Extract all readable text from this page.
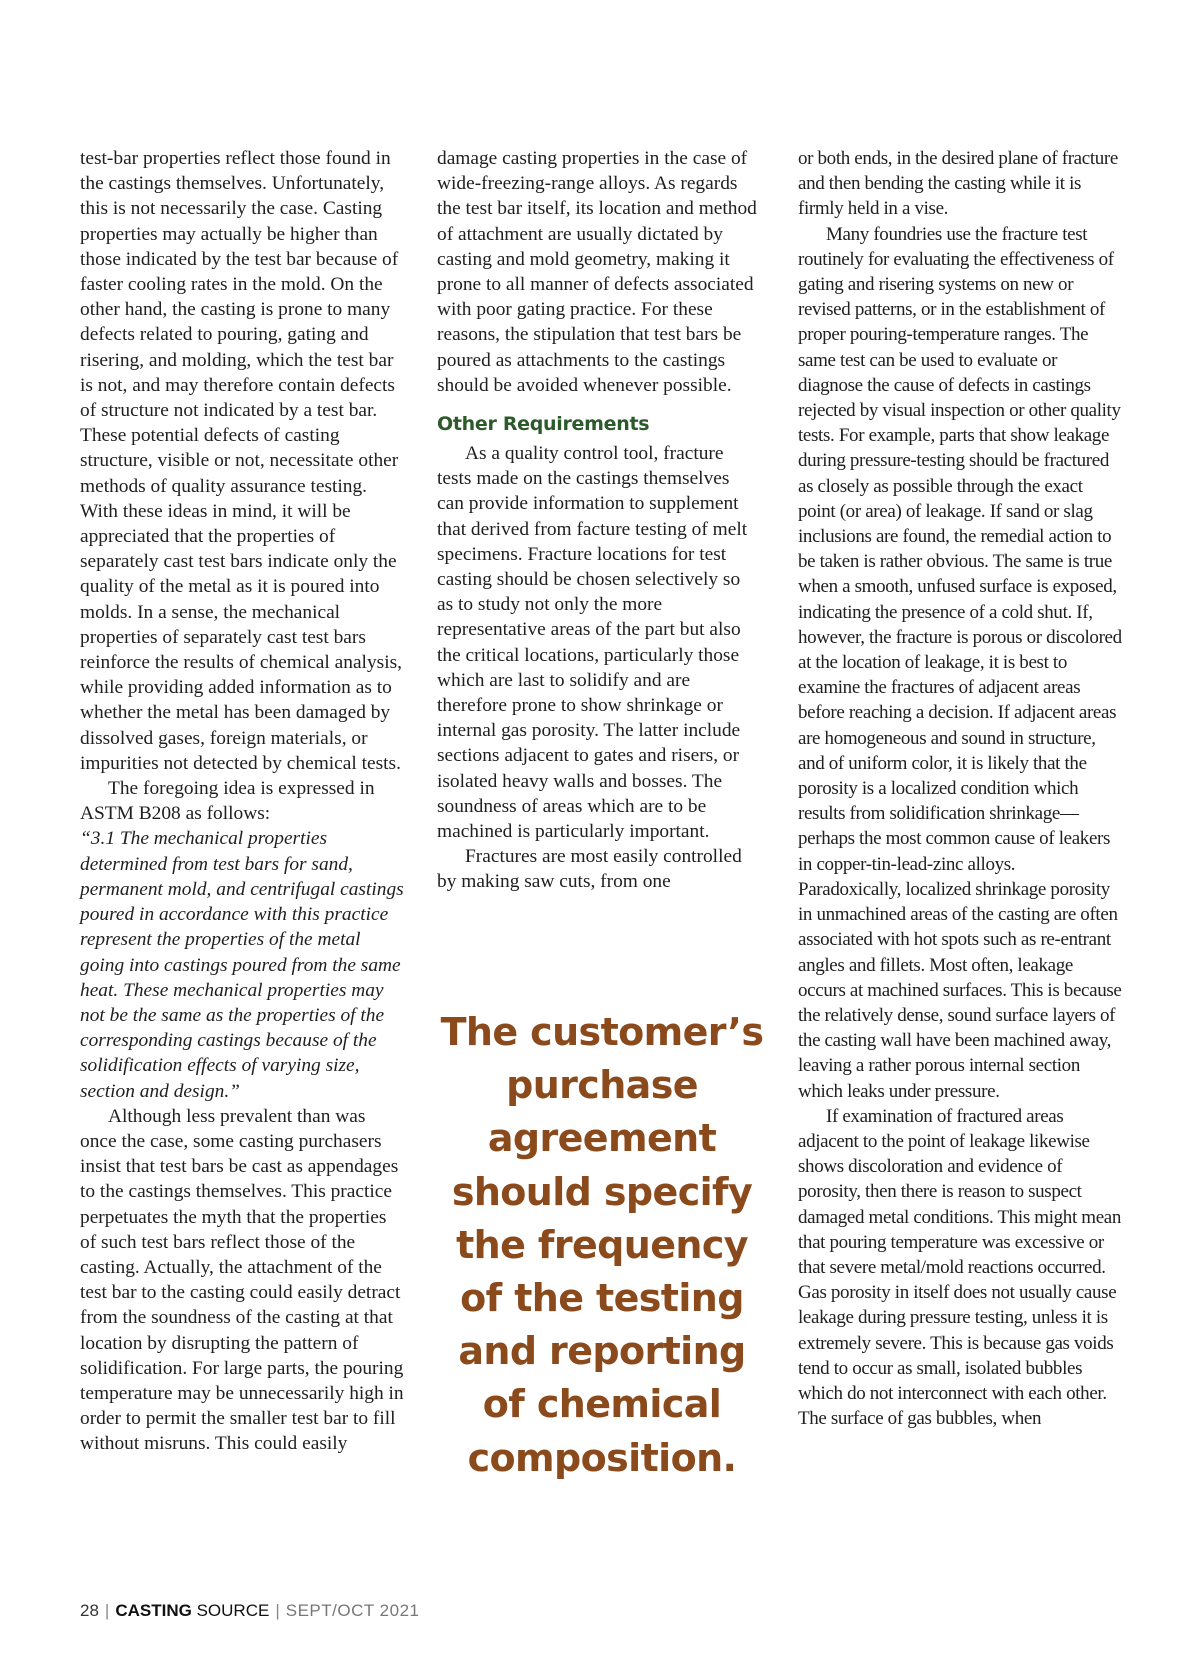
test-bar properties reflect those found in the castings themselves. Unfortunately, this is not necessarily the case. Casting properties may actually be higher than those indicated by the test bar because of faster cooling rates in the mold. On the other hand, the casting is prone to many defects related to pouring, gating and risering, and molding, which the test bar is not, and may therefore contain defects of structure not indicated by a test bar. These potential defects of casting structure, visible or not, necessitate other methods of quality assurance testing. With these ideas in mind, it will be appreciated that the properties of separately cast test bars indicate only the quality of the metal as it is poured into molds. In a sense, the mechanical properties of separately cast test bars reinforce the results of chemical analysis, while providing added information as to whether the metal has been damaged by dissolved gases, foreign materials, or impurities not detected by chemical tests.

The foregoing idea is expressed in ASTM B208 as follows:

“3.1 The mechanical properties determined from test bars for sand, permanent mold, and centrifugal castings poured in accordance with this practice represent the properties of the metal going into castings poured from the same heat. These mechanical properties may not be the same as the properties of the corresponding castings because of the solidification effects of varying size, section and design.”

Although less prevalent than was once the case, some casting purchasers insist that test bars be cast as appendages to the castings themselves. This practice perpetuates the myth that the properties of such test bars reflect those of the casting. Actually, the attachment of the test bar to the casting could easily detract from the soundness of the casting at that location by disrupting the pattern of solidification. For large parts, the pouring temperature may be unnecessarily high in order to permit the smaller test bar to fill without misruns. This could easily

damage casting properties in the case of wide-freezing-range alloys. As regards the test bar itself, its location and method of attachment are usually dictated by casting and mold geometry, making it prone to all manner of defects associated with poor gating practice. For these reasons, the stipulation that test bars be poured as attachments to the castings should be avoided whenever possible.

Other Requirements

As a quality control tool, fracture tests made on the castings themselves can provide information to supplement that derived from facture testing of melt specimens. Fracture locations for test casting should be chosen selectively so as to study not only the more representative areas of the part but also the critical locations, particularly those which are last to solidify and are therefore prone to show shrinkage or internal gas porosity. The latter include sections adjacent to gates and risers, or isolated heavy walls and bosses. The soundness of areas which are to be machined is particularly important.

Fractures are most easily controlled by making saw cuts, from one

The customer’s purchase agreement should specify the frequency of the testing and reporting of chemical composition.

or both ends, in the desired plane of fracture and then bending the casting while it is firmly held in a vise.

Many foundries use the fracture test routinely for evaluating the effectiveness of gating and risering systems on new or revised patterns, or in the establishment of proper pouring-temperature ranges. The same test can be used to evaluate or diagnose the cause of defects in castings rejected by visual inspection or other quality tests. For example, parts that show leakage during pressure-testing should be fractured as closely as possible through the exact point (or area) of leakage. If sand or slag inclusions are found, the remedial action to be taken is rather obvious. The same is true when a smooth, unfused surface is exposed, indicating the presence of a cold shut. If, however, the fracture is porous or discolored at the location of leakage, it is best to examine the fractures of adjacent areas before reaching a decision. If adjacent areas are homogeneous and sound in structure, and of uniform color, it is likely that the porosity is a localized condition which results from solidification shrinkage—perhaps the most common cause of leakers in copper-tin-lead-zinc alloys. Paradoxically, localized shrinkage porosity in unmachined areas of the casting are often associated with hot spots such as re-entrant angles and fillets. Most often, leakage occurs at machined surfaces. This is because the relatively dense, sound surface layers of the casting wall have been machined away, leaving a rather porous internal section which leaks under pressure.

If examination of fractured areas adjacent to the point of leakage likewise shows discoloration and evidence of porosity, then there is reason to suspect damaged metal conditions. This might mean that pouring temperature was excessive or that severe metal/mold reactions occurred. Gas porosity in itself does not usually cause leakage during pressure testing, unless it is extremely severe. This is because gas voids tend to occur as small, isolated bubbles which do not interconnect with each other. The surface of gas bubbles, when

28 | CASTING SOURCE | SEPT/OCT 2021
